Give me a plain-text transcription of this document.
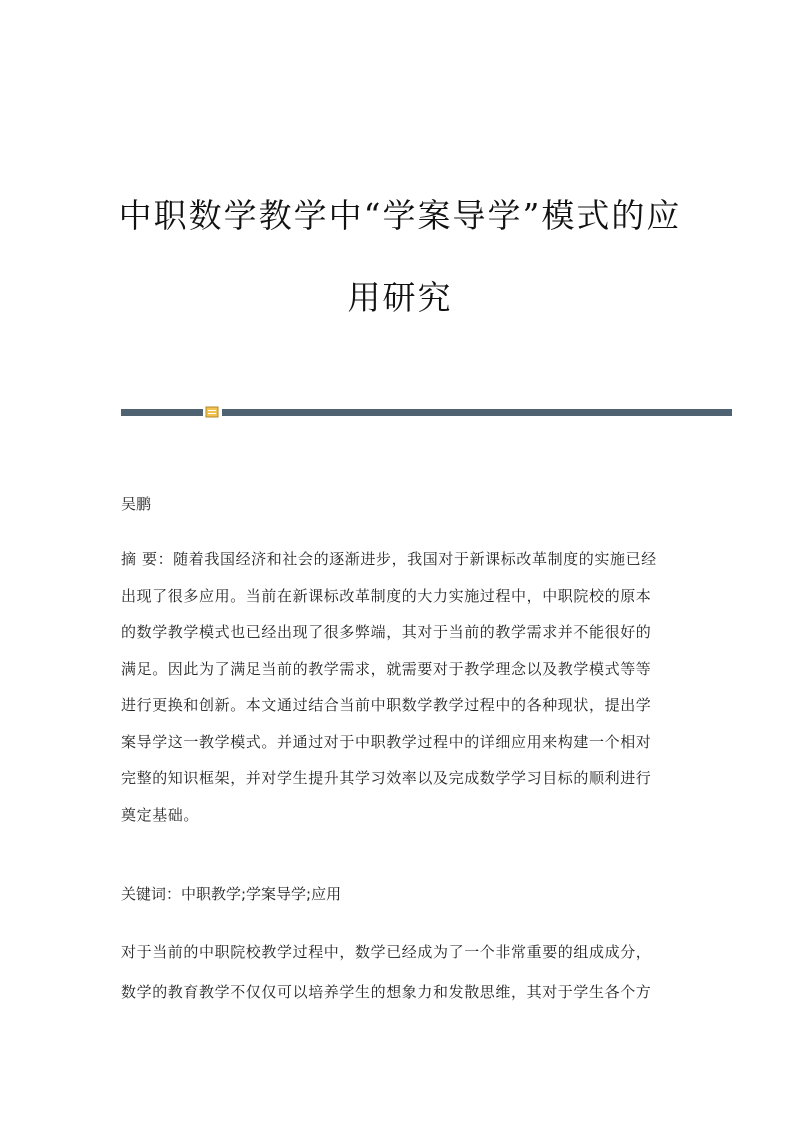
中职数学教学中“学案导学”模式的应
用研究
吴鹏
摘 要：随着我国经济和社会的逐渐进步，我国对于新课标改革制度的实施已经
出现了很多应用。当前在新课标改革制度的大力实施过程中，中职院校的原本
的数学教学模式也已经出现了很多弊端，其对于当前的教学需求并不能很好的
满足。因此为了满足当前的教学需求，就需要对于教学理念以及教学模式等等
进行更换和创新。本文通过结合当前中职数学教学过程中的各种现状，提出学
案导学这一教学模式。并通过对于中职教学过程中的详细应用来构建一个相对
完整的知识框架，并对学生提升其学习效率以及完成数学学习目标的顺利进行
奠定基础。
关键词：中职教学;学案导学;应用
对于当前的中职院校教学过程中，数学已经成为了一个非常重要的组成成分，
数学的教育教学不仅仅可以培养学生的想象力和发散思维，其对于学生各个方
